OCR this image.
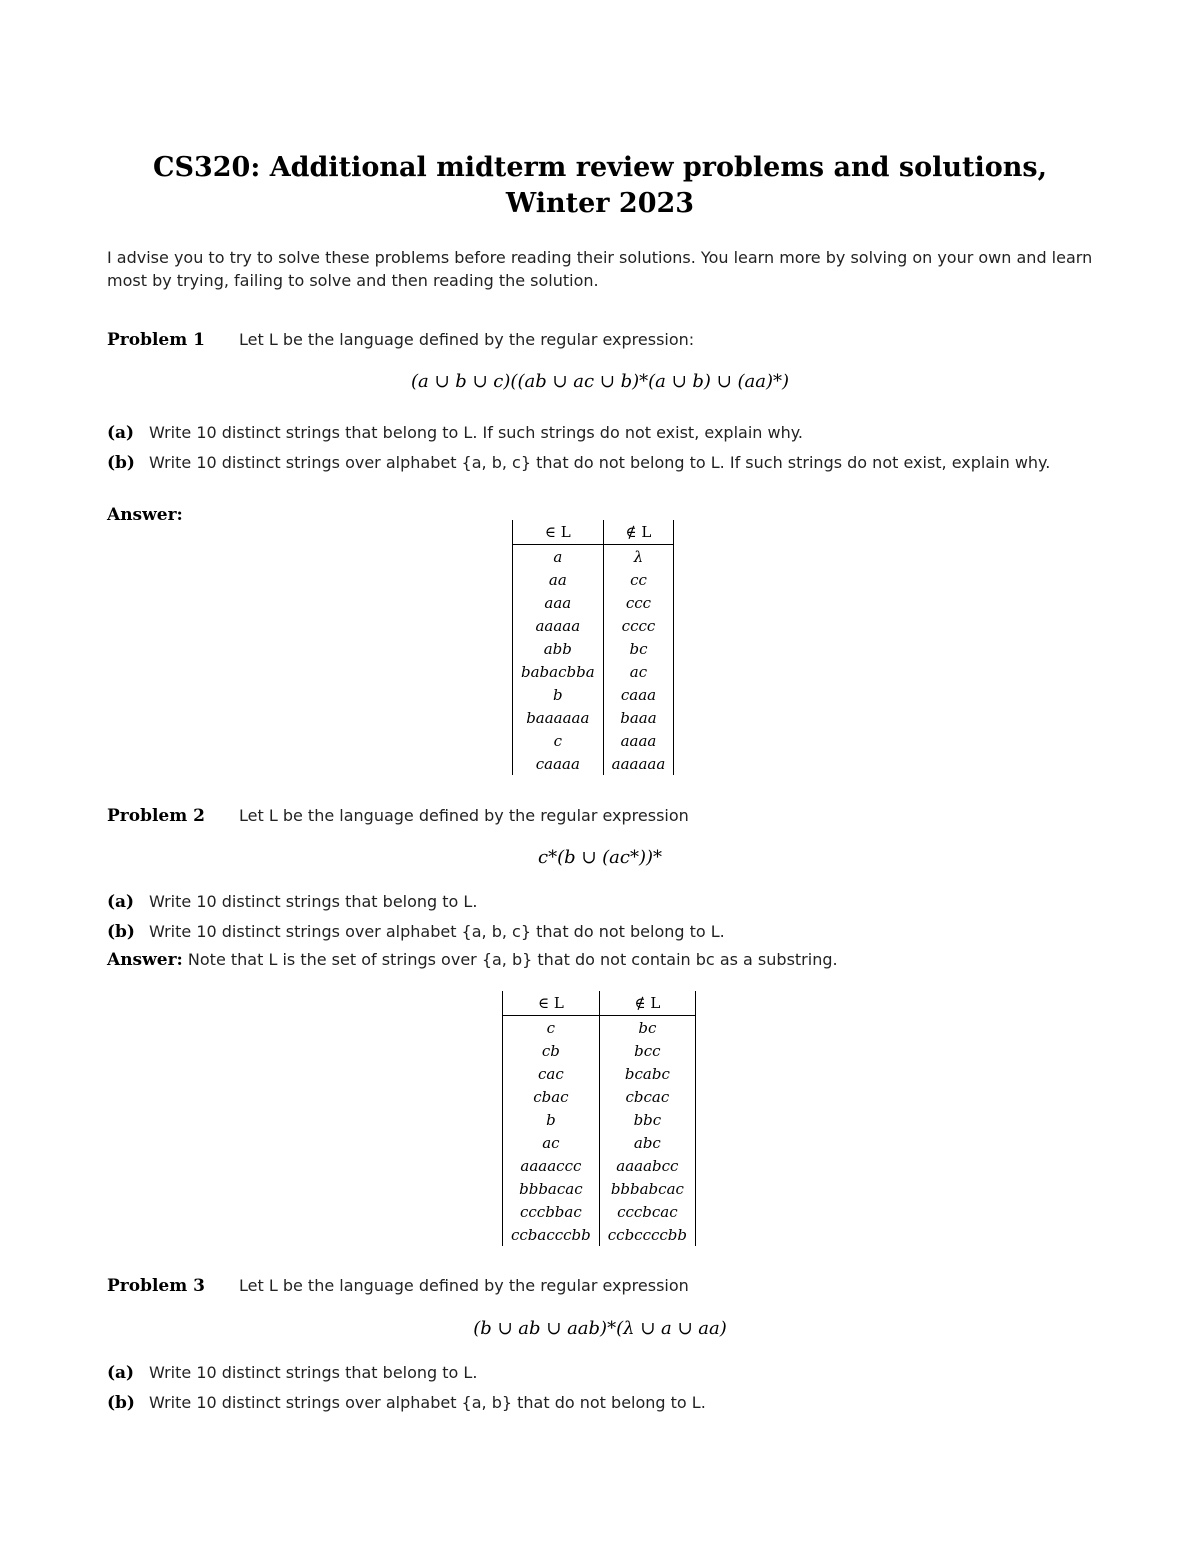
CS320: Additional midterm review problems and solutions, Winter 2023
I advise you to try to solve these problems before reading their solutions. You learn more by solving on your own and learn most by trying, failing to solve and then reading the solution.
Problem 1 Let L be the language defined by the regular expression:
(a ∪ b ∪ c)((ab ∪ ac ∪ b)*(a ∪ b) ∪ (aa)*)
(a) Write 10 distinct strings that belong to L. If such strings do not exist, explain why.
(b) Write 10 distinct strings over alphabet {a, b, c} that do not belong to L. If such strings do not exist, explain why.
Answer:
∈ L	∉ L
a	λ
aa	cc
aaa	ccc
aaaaa	cccc
abb	bc
babacbba	ac
b	caaa
baaaaaa	baaa
c	aaaa
caaaa	aaaaaa
Problem 2 Let L be the language defined by the regular expression
c*(b ∪ (ac*))*
(a) Write 10 distinct strings that belong to L.
(b) Write 10 distinct strings over alphabet {a, b, c} that do not belong to L.
Answer: Note that L is the set of strings over {a, b} that do not contain bc as a substring.
∈ L	∉ L
c	bc
cb	bcc
cac	bcabc
cbac	cbcac
b	bbc
ac	abc
aaaaccc	aaaabcc
bbbacac	bbbabcac
cccbbac	cccbcac
ccbacccbb	ccbccccbb
Problem 3 Let L be the language defined by the regular expression
(b ∪ ab ∪ aab)*(λ ∪ a ∪ aa)
(a) Write 10 distinct strings that belong to L.
(b) Write 10 distinct strings over alphabet {a, b} that do not belong to L.
